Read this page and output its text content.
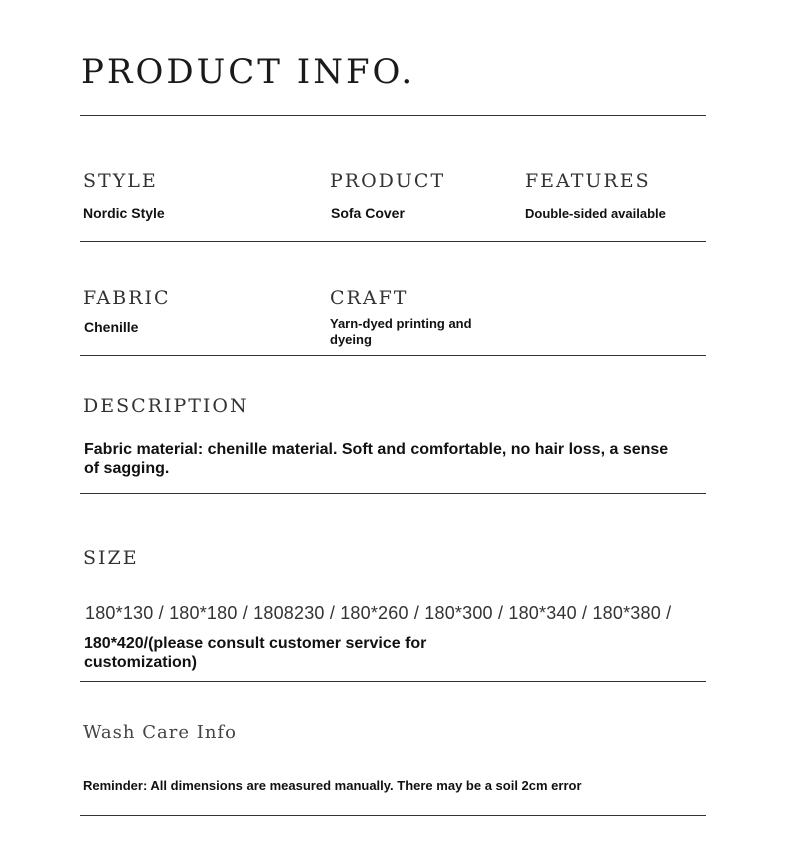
PRODUCT INFO.
STYLE
Nordic Style
PRODUCT
Sofa Cover
FEATURES
Double-sided available
FABRIC
Chenille
CRAFT
Yarn-dyed printing and dyeing
DESCRIPTION
Fabric material: chenille material. Soft and comfortable, no hair loss, a sense of sagging.
SIZE
180*130 / 180*180 / 1808230 / 180*260 / 180*300 / 180*340 / 180*380 /
180*420/(please consult customer service for customization)
Wash Care Info
Reminder: All dimensions are measured manually. There may be a soil 2cm error
